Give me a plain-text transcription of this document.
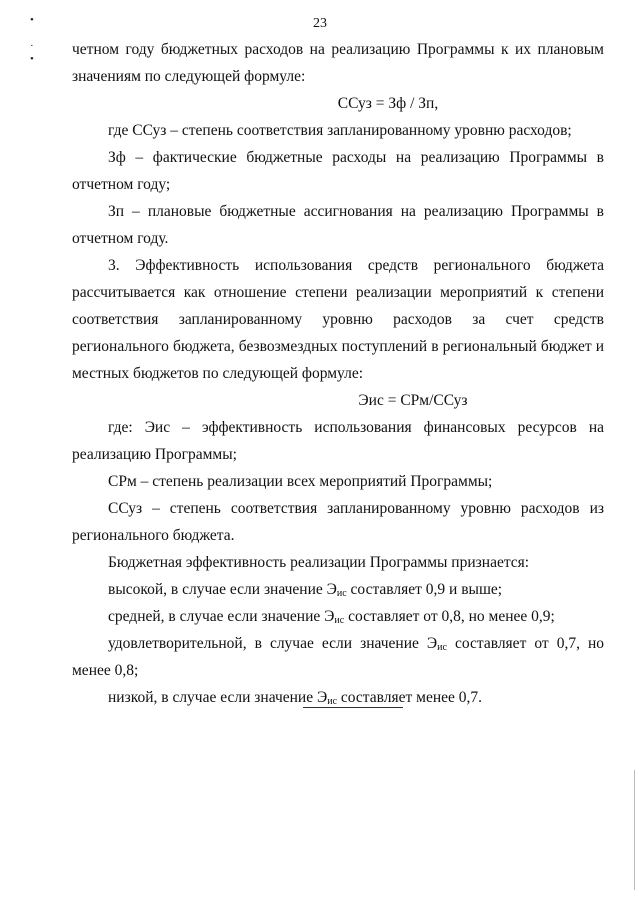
23
•
·
•

четном году бюджетных расходов на реализацию Программы к их плановым значениям по следующей формуле:

ССуз = Зф / Зп,

где ССуз – степень соответствия запланированному уровню расходов;

Зф – фактические бюджетные расходы на реализацию Программы в отчетном году;

Зп – плановые бюджетные ассигнования на реализацию Программы в отчетном году.

3. Эффективность использования средств регионального бюджета рассчитывается как отношение степени реализации мероприятий к степени соответствия запланированному уровню расходов за счет средств регионального бюджета, безвозмездных поступлений в региональный бюджет и местных бюджетов по следующей формуле:

Эис = СРм/ССуз

где: Эис – эффективность использования финансовых ресурсов на реализацию Программы;

СРм – степень реализации всех мероприятий Программы;

ССуз – степень соответствия запланированному уровню расходов из регионального бюджета.

Бюджетная эффективность реализации Программы признается:

высокой, в случае если значение $Э_{ис}$ составляет 0,9 и выше;

средней, в случае если значение $Э_{ис}$ составляет от 0,8, но менее 0,9;

удовлетворительной, в случае если значение $Э_{ис}$ составляет от 0,7, но менее 0,8;

низкой, в случае если значение $Э_{ис}$ составляет менее 0,7.
